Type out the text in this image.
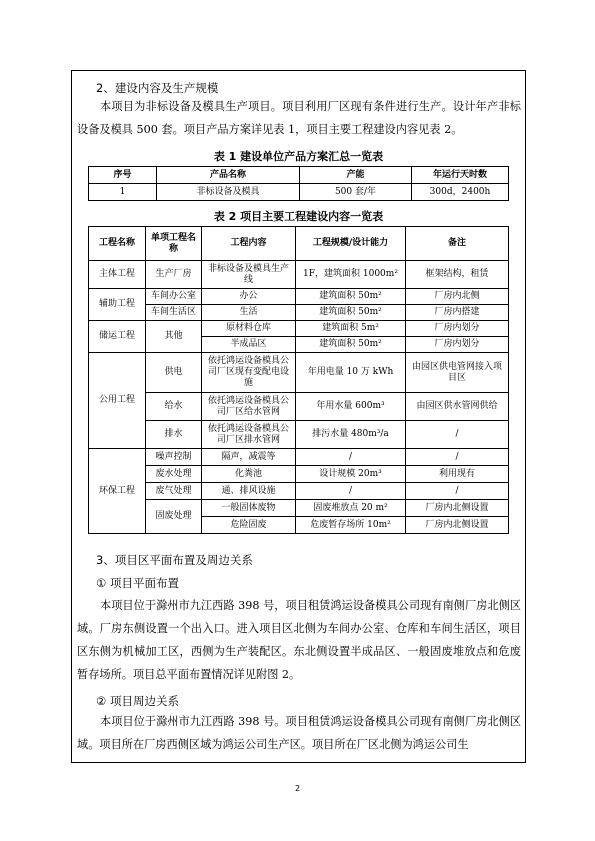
2、建设内容及生产规模
本项目为非标设备及模具生产项目。项目利用厂区现有条件进行生产。设计年产非标设备及模具 500 套。项目产品方案详见表 1，项目主要工程建设内容见表 2。
表 1 建设单位产品方案汇总一览表
序号	产品名称	产能	年运行天时数
1	非标设备及模具	500 套/年	300d，2400h
表 2 项目主要工程建设内容一览表
工程名称	单项工程名称	工程内容	工程规模/设计能力	备注
主体工程	生产厂房	非标设备及模具生产线	1F，建筑面积 1000m²	框架结构，租赁
辅助工程	车间办公室	办公	建筑面积 50m²	厂房内北侧
	车间生活区	生活	建筑面积 50m²	厂房内搭建
储运工程	其他	原材料仓库	建筑面积 5m²	厂房内划分
		半成品区	建筑面积 50m²	厂房内划分
公用工程	供电	依托鸿运设备模具公司厂区现有变配电设施	年用电量 10 万 kWh	由园区供电管网接入项目区
	给水	依托鸿运设备模具公司厂区给水管网	年用水量 600m³	由园区供水管网供给
	排水	依托鸿运设备模具公司厂区排水管网	排污水量 480m³/a	/
环保工程	噪声控制	隔声，减震等	/	/
	废水处理	化粪池	设计规模 20m³	利用现有
	废气处理	通、排风设施	/	/
	固废处理	一般固体废物	固废堆放点 20 m²	厂房内北侧设置
		危险固废	危废暂存场所 10m²	厂房内北侧设置
3、项目区平面布置及周边关系
① 项目平面布置
本项目位于滁州市九江西路 398 号，项目租赁鸿运设备模具公司现有南侧厂房北侧区域。厂房东侧设置一个出入口。进入项目区北侧为车间办公室、仓库和车间生活区，项目区东侧为机械加工区，西侧为生产装配区。东北侧设置半成品区、一般固废堆放点和危废暂存场所。项目总平面布置情况详见附图 2。
② 项目周边关系
本项目位于滁州市九江西路 398 号。项目租赁鸿运设备模具公司现有南侧厂房北侧区域。项目所在厂房西侧区域为鸿运公司生产区。项目所在厂区北侧为鸿运公司生
2
